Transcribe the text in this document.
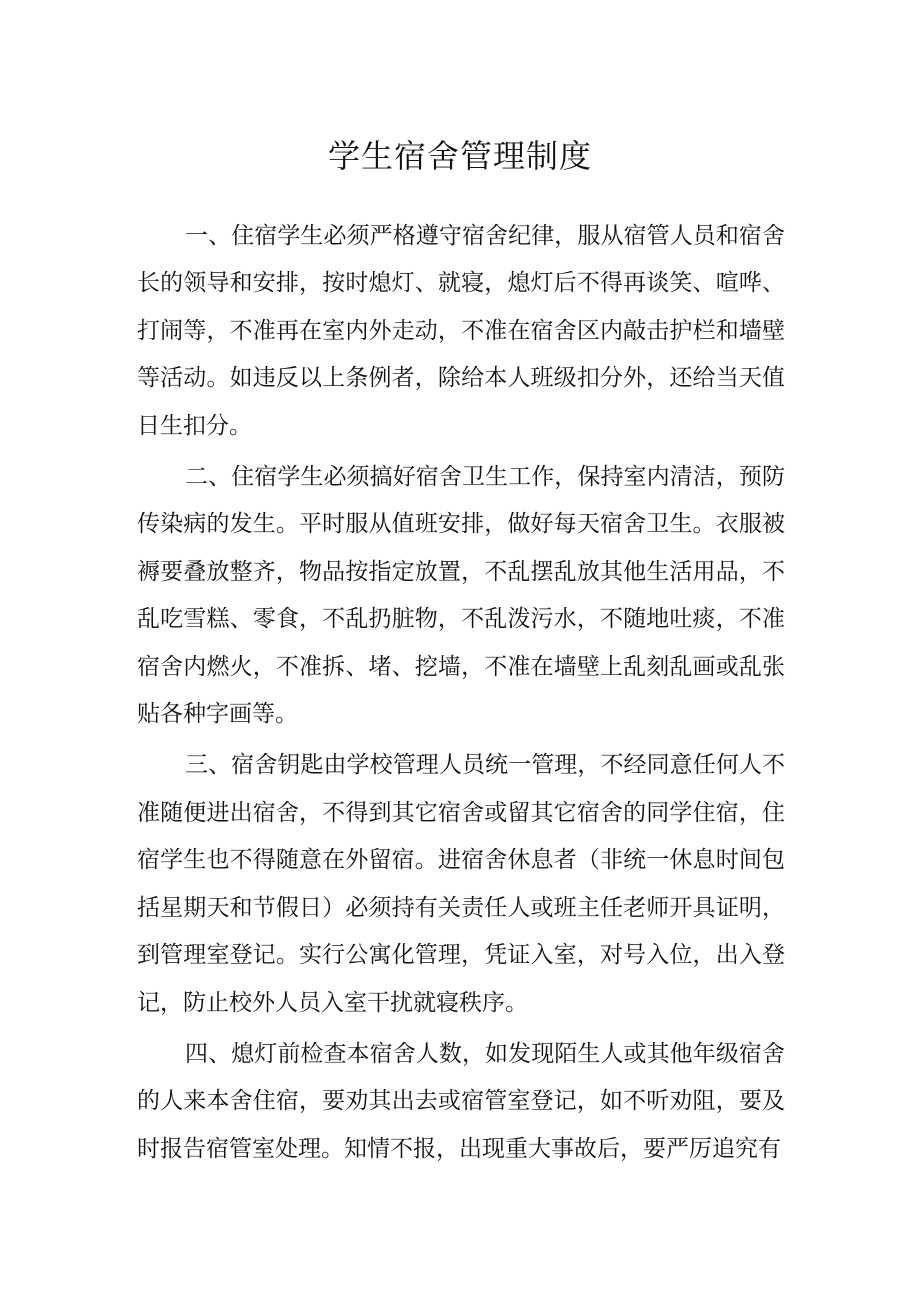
学生宿舍管理制度

一、住宿学生必须严格遵守宿舍纪律，服从宿管人员和宿舍长的领导和安排，按时熄灯、就寝，熄灯后不得再谈笑、喧哗、打闹等，不准再在室内外走动，不准在宿舍区内敲击护栏和墙壁等活动。如违反以上条例者，除给本人班级扣分外，还给当天值日生扣分。

二、住宿学生必须搞好宿舍卫生工作，保持室内清洁，预防传染病的发生。平时服从值班安排，做好每天宿舍卫生。衣服被褥要叠放整齐，物品按指定放置，不乱摆乱放其他生活用品，不乱吃雪糕、零食，不乱扔脏物，不乱泼污水，不随地吐痰，不准宿舍内燃火，不准拆、堵、挖墙，不准在墙壁上乱刻乱画或乱张贴各种字画等。

三、宿舍钥匙由学校管理人员统一管理，不经同意任何人不准随便进出宿舍，不得到其它宿舍或留其它宿舍的同学住宿，住宿学生也不得随意在外留宿。进宿舍休息者（非统一休息时间包括星期天和节假日）必须持有关责任人或班主任老师开具证明，到管理室登记。实行公寓化管理，凭证入室，对号入位，出入登记，防止校外人员入室干扰就寝秩序。

四、熄灯前检查本宿舍人数，如发现陌生人或其他年级宿舍的人来本舍住宿，要劝其出去或宿管室登记，如不听劝阻，要及时报告宿管室处理。知情不报，出现重大事故后，要严厉追究有
